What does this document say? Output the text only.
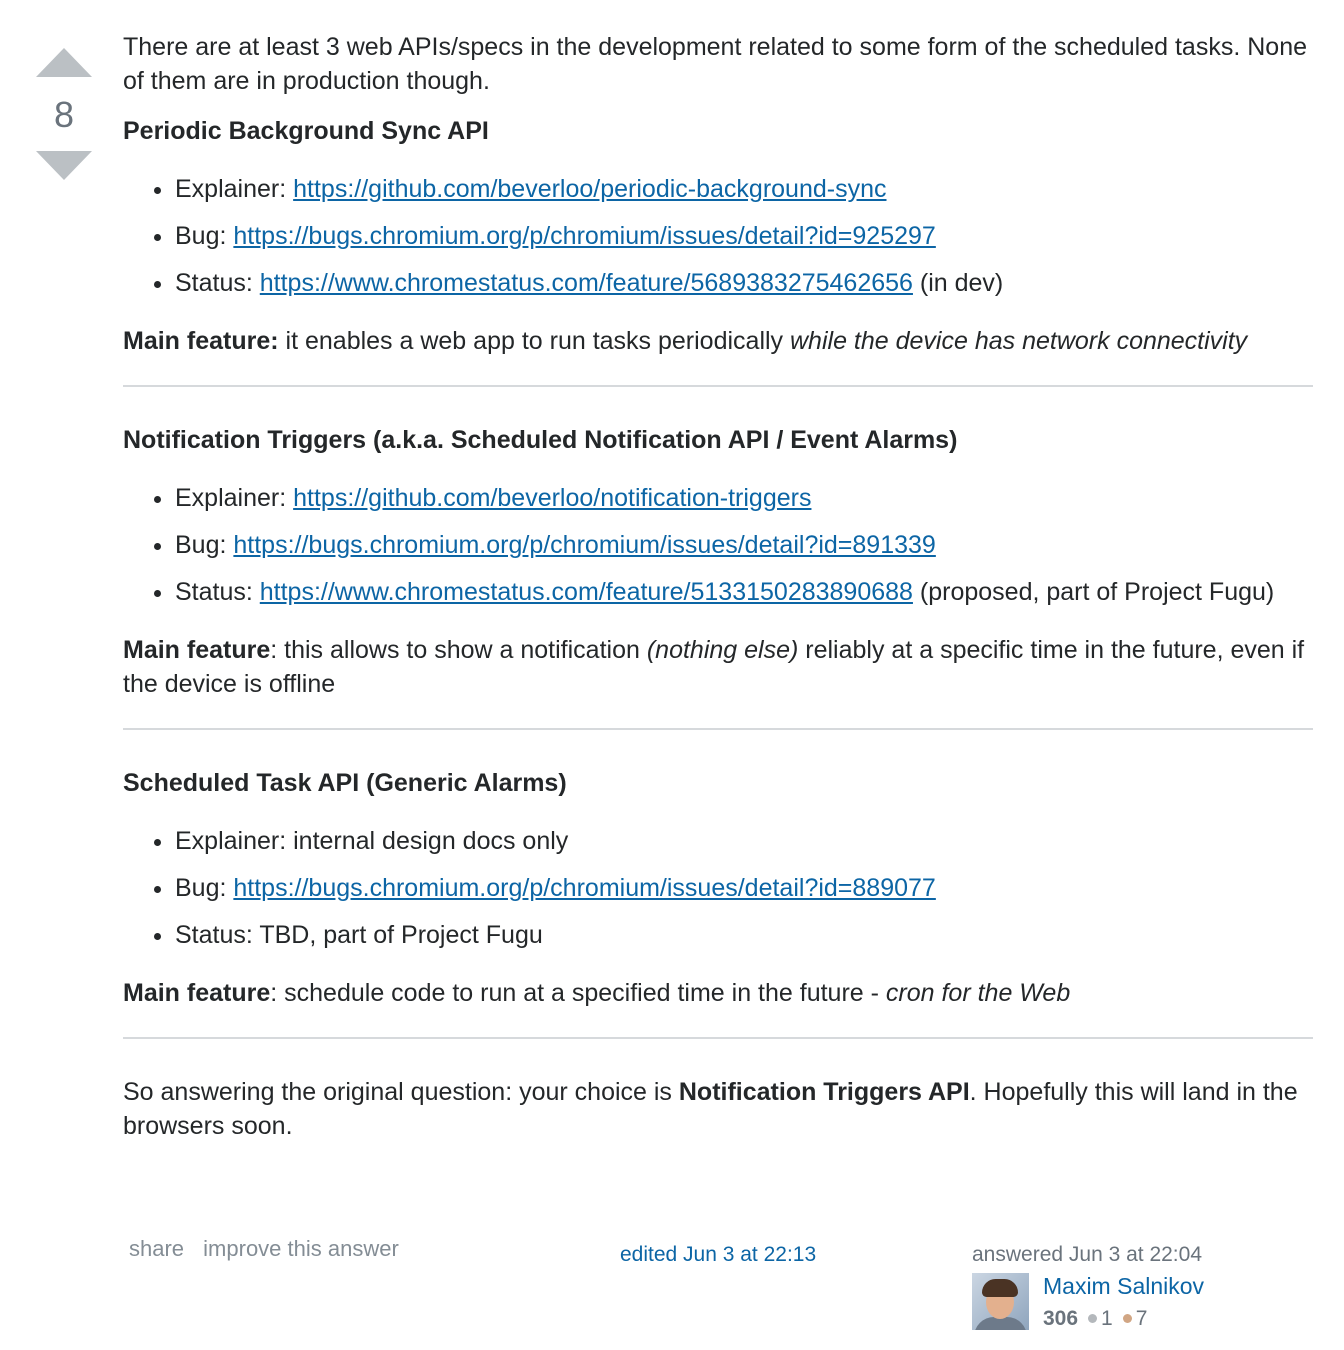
8

There are at least 3 web APIs/specs in the development related to some form of the scheduled tasks. None of them are in production though.

Periodic Background Sync API
• Explainer: https://github.com/beverloo/periodic-background-sync
• Bug: https://bugs.chromium.org/p/chromium/issues/detail?id=925297
• Status: https://www.chromestatus.com/feature/5689383275462656 (in dev)

Main feature: it enables a web app to run tasks periodically while the device has network connectivity

Notification Triggers (a.k.a. Scheduled Notification API / Event Alarms)
• Explainer: https://github.com/beverloo/notification-triggers
• Bug: https://bugs.chromium.org/p/chromium/issues/detail?id=891339
• Status: https://www.chromestatus.com/feature/5133150283890688 (proposed, part of Project Fugu)

Main feature: this allows to show a notification (nothing else) reliably at a specific time in the future, even if the device is offline

Scheduled Task API (Generic Alarms)
• Explainer: internal design docs only
• Bug: https://bugs.chromium.org/p/chromium/issues/detail?id=889077
• Status: TBD, part of Project Fugu

Main feature: schedule code to run at a specified time in the future - cron for the Web

So answering the original question: your choice is Notification Triggers API. Hopefully this will land in the browsers soon.

share improve this answer	edited Jun 3 at 22:13	answered Jun 3 at 22:04
Maxim Salnikov
306 1 7
